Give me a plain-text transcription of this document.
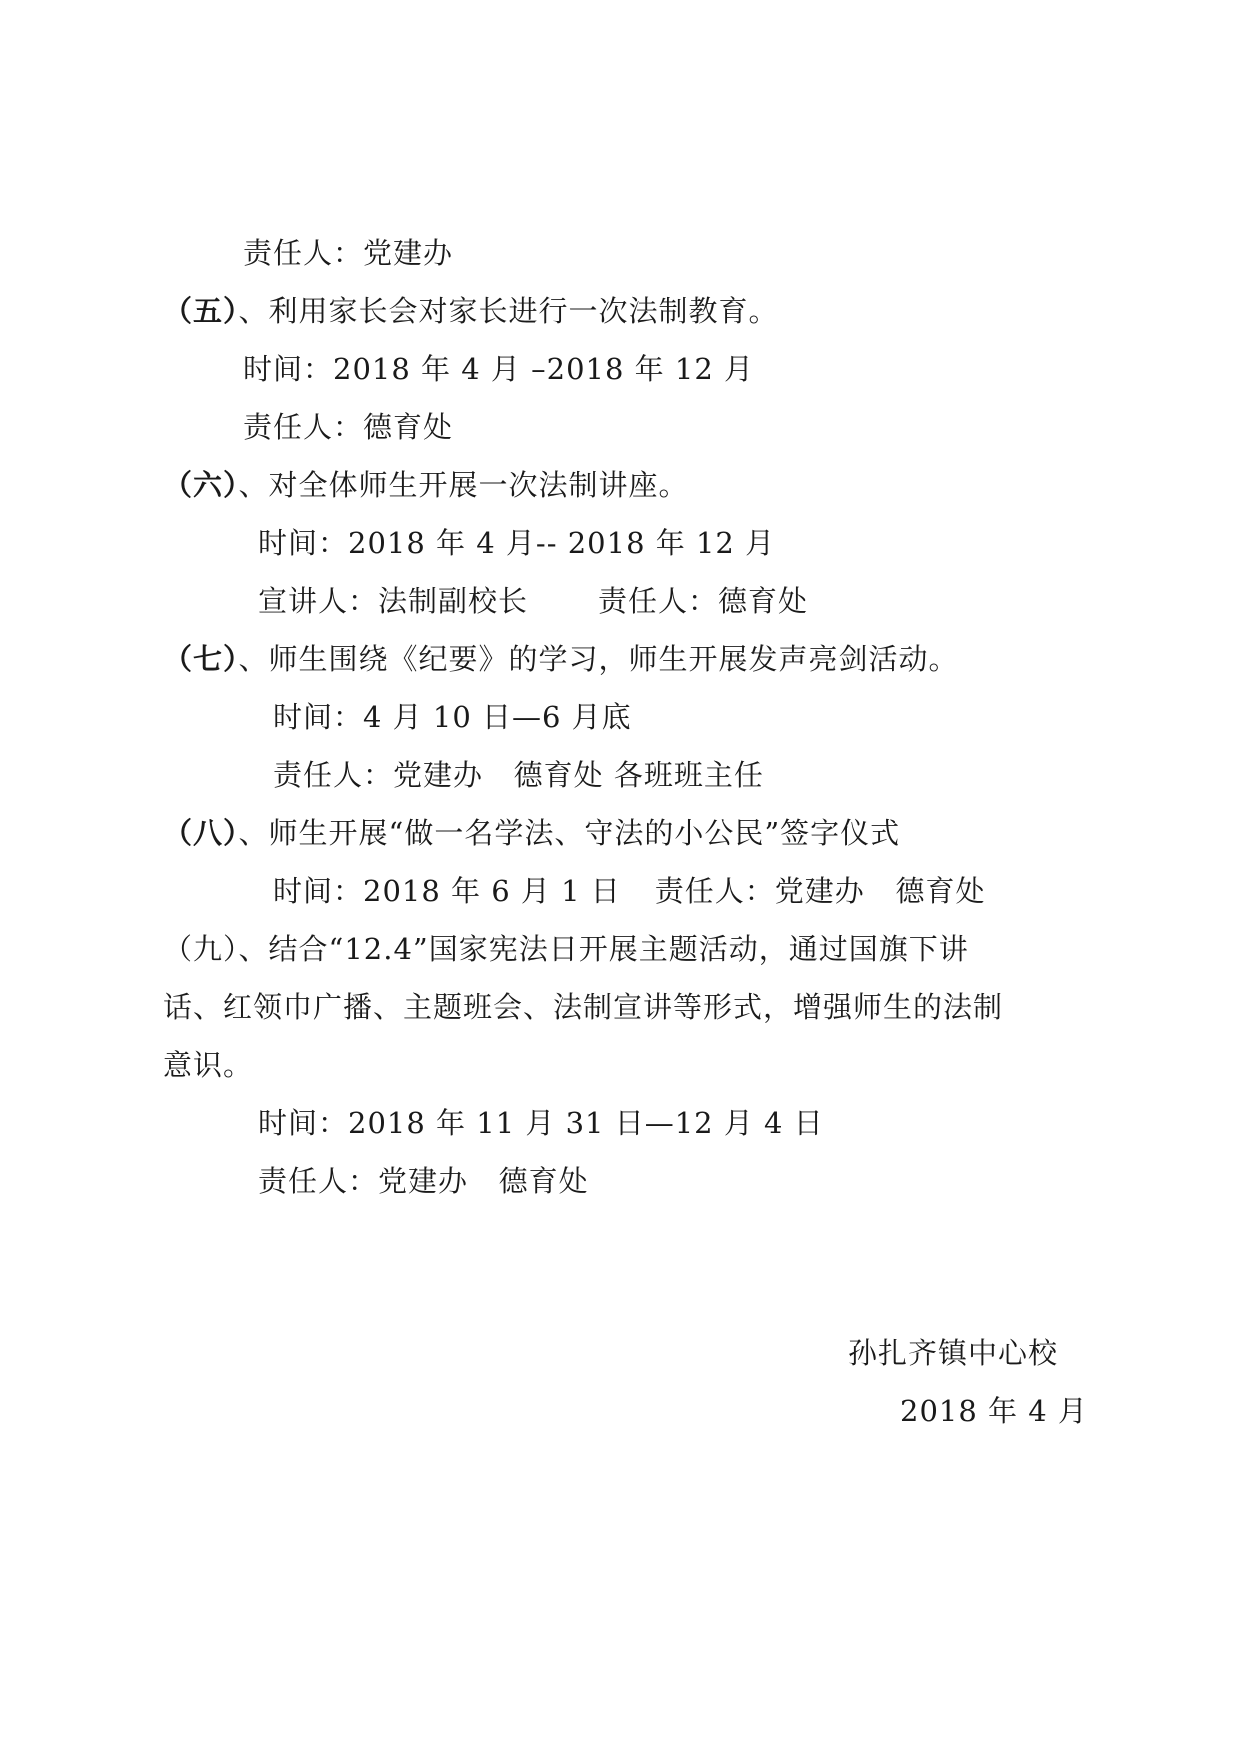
责任人：党建办
（五）、利用家长会对家长进行一次法制教育。
时间：2018 年 4 月 –2018 年 12 月
责任人：德育处
（六）、对全体师生开展一次法制讲座。
时间：2018 年 4 月-- 2018 年 12 月
宣讲人：法制副校长 责任人：德育处
（七）、师生围绕《纪要》的学习，师生开展发声亮剑活动。
时间：4 月 10 日—6 月底
责任人：党建办   德育处 各班班主任
（八）、师生开展“做一名学法、守法的小公民”签字仪式
时间：2018 年 6 月 1 日 责任人：党建办   德育处
（九）、结合“12.4”国家宪法日开展主题活动，通过国旗下讲
话、红领巾广播、主题班会、法制宣讲等形式，增强师生的法制
意识。
时间：2018 年 11 月 31 日—12 月 4 日
责任人：党建办   德育处
孙扎齐镇中心校
2018 年 4 月
